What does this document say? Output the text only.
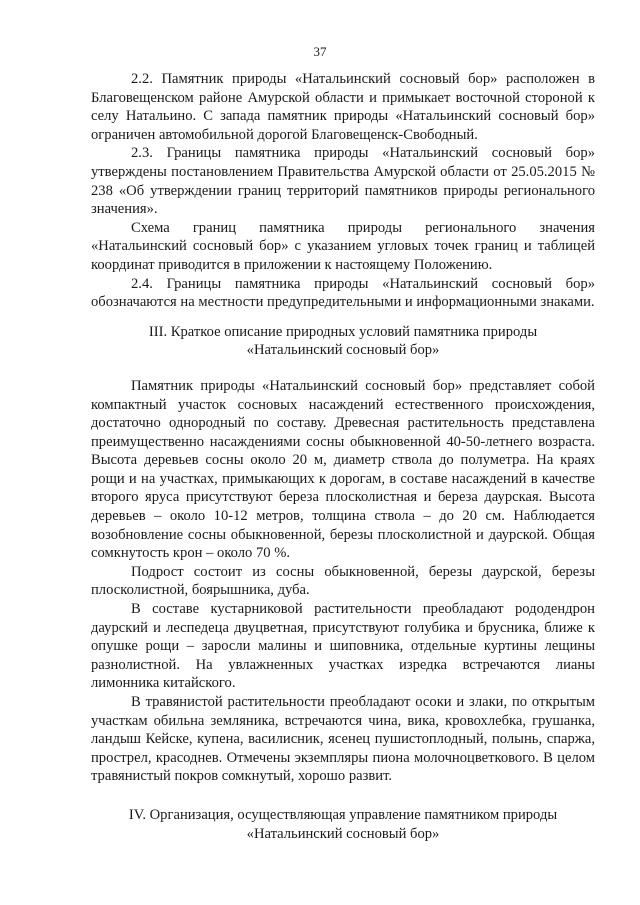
37

2.2. Памятник природы «Натальинский сосновый бор» расположен в Благовещенском районе Амурской области и примыкает восточной стороной к селу Натальино. С запада памятник природы «Натальинский сосновый бор» ограничен автомобильной дорогой Благовещенск-Свободный.

2.3. Границы памятника природы «Натальинский сосновый бор» утверждены постановлением Правительства Амурской области от 25.05.2015 № 238 «Об утверждении границ территорий памятников природы регионального значения».

Схема границ памятника природы регионального значения «Натальинский сосновый бор» с указанием угловых точек границ и таблицей координат приводится в приложении к настоящему Положению.

2.4. Границы памятника природы «Натальинский сосновый бор» обозначаются на местности предупредительными и информационными знаками.

III. Краткое описание природных условий памятника природы
«Натальинский сосновый бор»

Памятник природы «Натальинский сосновый бор» представляет собой компактный участок сосновых насаждений естественного происхождения, достаточно однородный по составу. Древесная растительность представлена преимущественно насаждениями сосны обыкновенной 40-50-летнего возраста. Высота деревьев сосны около 20 м, диаметр ствола до полуметра. На краях рощи и на участках, примыкающих к дорогам, в составе насаждений в качестве второго яруса присутствуют береза плосколистная и береза даурская. Высота деревьев – около 10-12 метров, толщина ствола – до 20 см. Наблюдается возобновление сосны обыкновенной, березы плосколистной и даурской. Общая сомкнутость крон – около 70 %.

Подрост состоит из сосны обыкновенной, березы даурской, березы плосколистной, боярышника, дуба.

В составе кустарниковой растительности преобладают рододендрон даурский и леспедеца двуцветная, присутствуют голубика и брусника, ближе к опушке рощи – заросли малины и шиповника, отдельные куртины лещины разнолистной. На увлажненных участках изредка встречаются лианы лимонника китайского.

В травянистой растительности преобладают осоки и злаки, по открытым участкам обильна земляника, встречаются чина, вика, кровохлебка, грушанка, ландыш Кейске, купена, василисник, ясенец пушистоплодный, полынь, спаржа, прострел, красоднев. Отмечены экземпляры пиона молочноцветкового. В целом травянистый покров сомкнутый, хорошо развит.

IV. Организация, осуществляющая управление памятником природы
«Натальинский сосновый бор»
